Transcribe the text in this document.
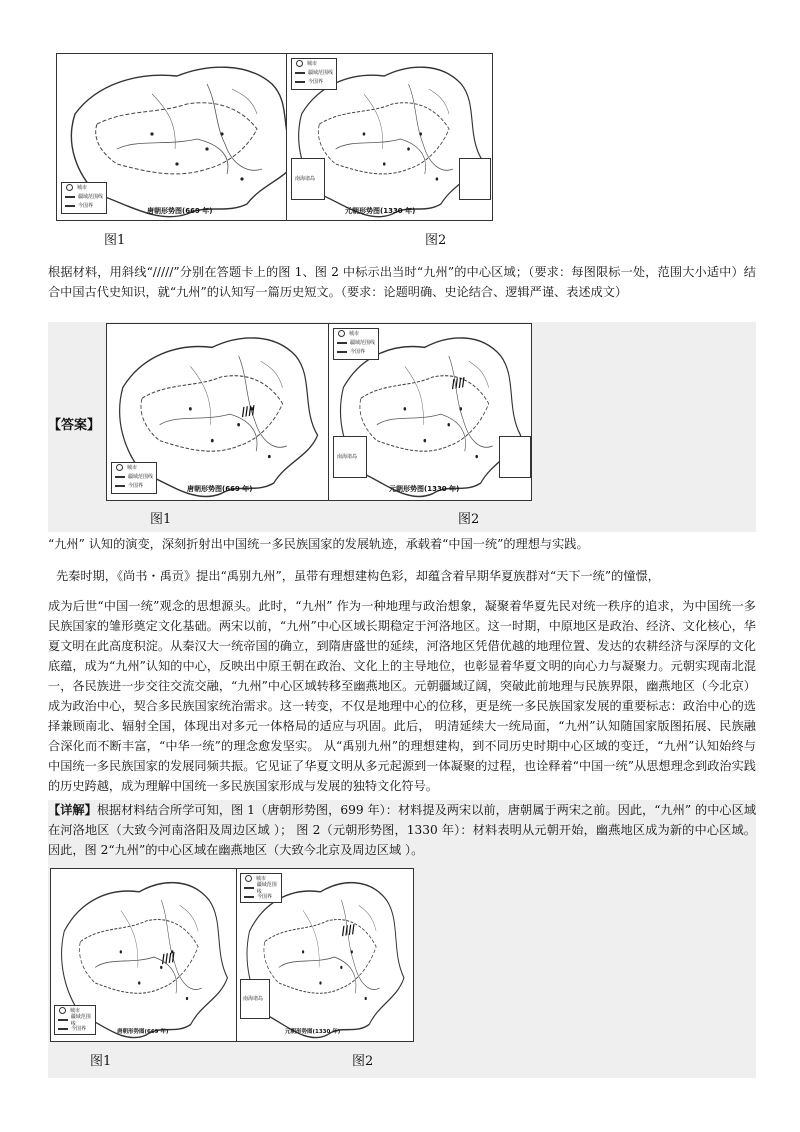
城市
疆域范围线
今国界
唐朝形势图(669 年)
图1
城市
疆域范围线
今国界
南海诸岛
元朝形势图(1330 年)
图2

根据材料，用斜线“/////”分别在答题卡上的图 1、图 2 中标示出当时“九州”的中心区域；（要求：每图限标一处，范围大小适中）结合中国古代史知识，就“九州”的认知写一篇历史短文。（要求：论题明确、史论结合、逻辑严谨、表述成文）

【答案】
城市
疆域范围线
今国界
////
唐朝形势图(669 年)
图1
城市
疆域范围线
今国界
////
南海诸岛
元朝形势图(1330 年)
图2

“九州” 认知的演变，深刻折射出中国统一多民族国家的发展轨迹，承载着“中国一统”的理想与实践。

先秦时期，《尚书・禹贡》提出“禹别九州”，虽带有理想建构色彩，却蕴含着早期华夏族群对“天下一统”的憧憬，

成为后世“中国一统”观念的思想源头。此时，“九州” 作为一种地理与政治想象，凝聚着华夏先民对统一秩序的追求，为中国统一多民族国家的雏形奠定文化基础。两宋以前，“九州”中心区域长期稳定于河洛地区。这一时期，中原地区是政治、经济、文化核心，华夏文明在此高度积淀。从秦汉大一统帝国的确立，到隋唐盛世的延续，河洛地区凭借优越的地理位置、发达的农耕经济与深厚的文化底蕴，成为“九州”认知的中心，反映出中原王朝在政治、文化上的主导地位，也彰显着华夏文明的向心力与凝聚力。元朝实现南北混一，各民族进一步交往交流交融，“九州”中心区域转移至幽燕地区。元朝疆域辽阔，突破此前地理与民族界限，幽燕地区（今北京）成为政治中心，契合多民族国家统治需求。这一转变，不仅是地理中心的位移，更是统一多民族国家发展的重要标志：政治中心的选择兼顾南北、辐射全国，体现出对多元一体格局的适应与巩固。此后， 明清延续大一统局面，“九州”认知随国家版图拓展、民族融合深化而不断丰富，“中华一统”的理念愈发坚实。 从“禹别九州”的理想建构，到不同历史时期中心区域的变迁，“九州”认知始终与中国统一多民族国家的发展同频共振。它见证了华夏文明从多元起源到一体凝聚的过程，也诠释着“中国一统”从思想理念到政治实践的历史跨越，成为理解中国统一多民族国家形成与发展的独特文化符号。

【详解】根据材料结合所学可知，图 1（唐朝形势图，699 年）：材料提及两宋以前，唐朝属于两宋之前。因此，“九州” 的中心区域在河洛地区（大致今河南洛阳及周边区域 ）； 图 2（元朝形势图，1330 年）：材料表明从元朝开始，幽燕地区成为新的中心区域。因此，图 2“九州”的中心区域在幽燕地区（大致今北京及周边区域 ）。

城市
疆域范围线
今国界
////
唐朝形势图(669 年)
图1
城市
疆域范围线
今国界
////
南海诸岛
元朝形势图(1330 年)
图2
